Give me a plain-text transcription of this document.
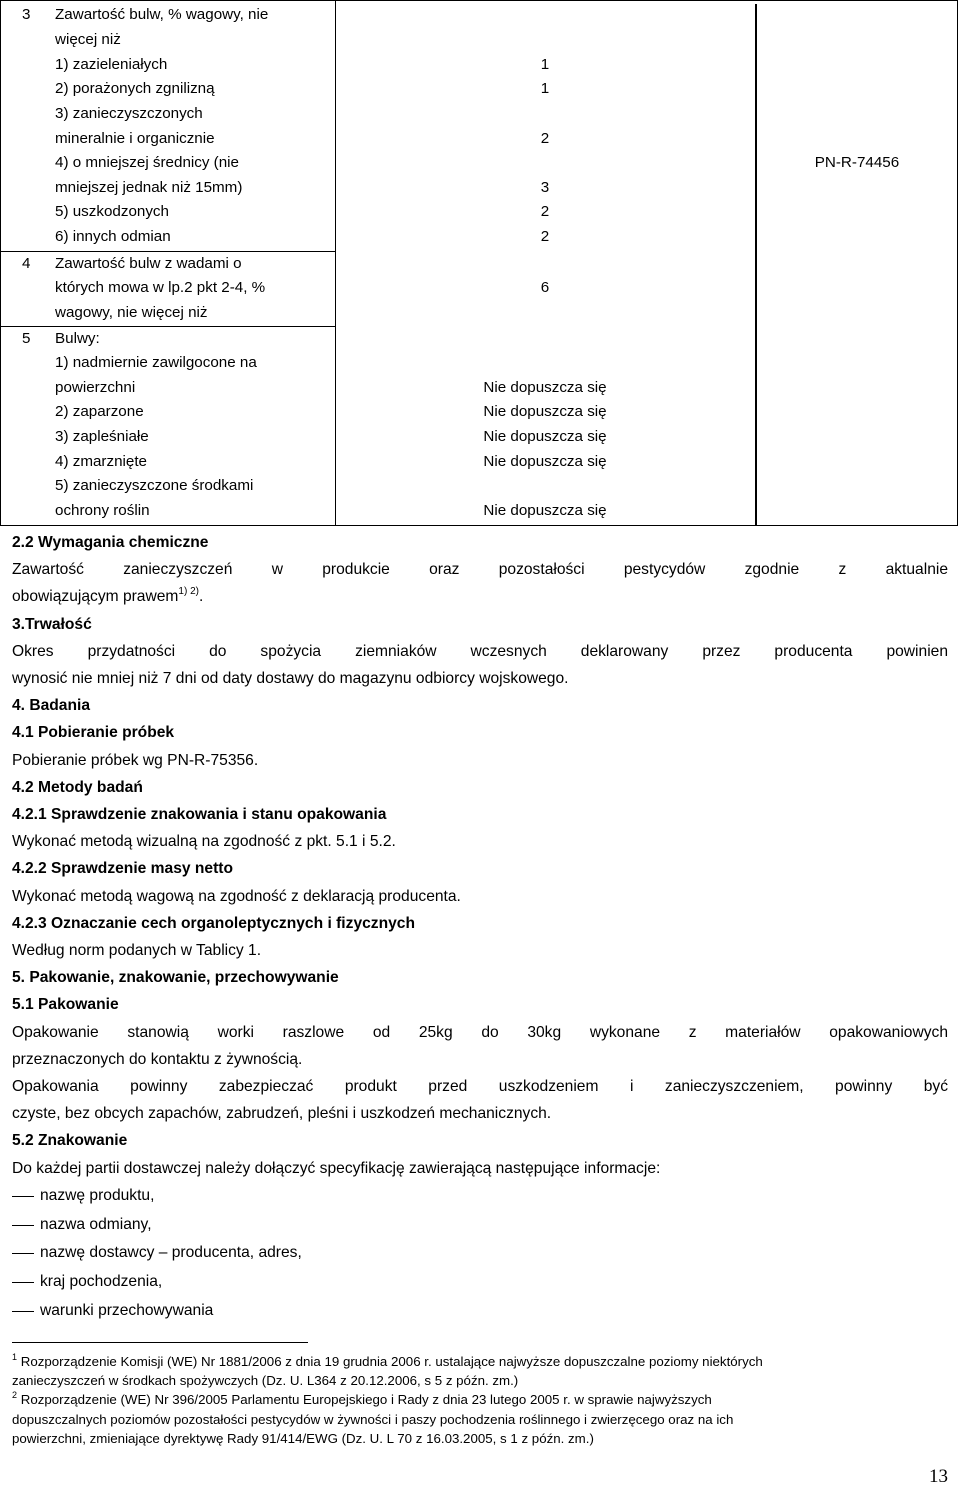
3 Zawartość bulw, % wagowy, nie
więcej niż
1) zazieleniałych
2) porażonych zgnilizną
3) zanieczyszczonych
mineralnie i organicznie
4) o mniejszej średnicy (nie
mniejszej jednak niż 15mm)
5) uszkodzonych
6) innych odmian
1
1
2
3
2
2
PN-R-74456
4 Zawartość bulw z wadami o
których mowa w lp.2 pkt 2-4, %
wagowy, nie więcej niż
6
5 Bulwy:
1) nadmiernie zawilgocone na
powierzchni
2) zaparzone
3) zapleśniałe
4) zmarznięte
5) zanieczyszczone środkami
ochrony roślin
Nie dopuszcza się
Nie dopuszcza się
Nie dopuszcza się
Nie dopuszcza się
Nie dopuszcza się

2.2 Wymagania chemiczne

Zawartość zanieczyszczeń w produkcie oraz pozostałości pestycydów zgodnie z aktualnie

obowiązującym prawem$^{1) 2)}$.

3.Trwałość

Okres przydatności do spożycia ziemniaków wczesnych deklarowany przez producenta powinien

wynosić nie mniej niż 7 dni od daty dostawy do magazynu odbiorcy wojskowego.

4. Badania

4.1 Pobieranie próbek

Pobieranie próbek wg PN-R-75356.

4.2 Metody badań

4.2.1 Sprawdzenie znakowania i stanu opakowania

Wykonać metodą wizualną na zgodność z pkt. 5.1 i 5.2.

4.2.2 Sprawdzenie masy netto

Wykonać metodą wagową na zgodność z deklaracją producenta.

4.2.3 Oznaczanie cech organoleptycznych i fizycznych

Według norm podanych w Tablicy 1.

5. Pakowanie, znakowanie, przechowywanie

5.1 Pakowanie

Opakowanie stanowią worki raszlowe od 25kg do 30kg wykonane z materiałów opakowaniowych

przeznaczonych do kontaktu z żywnością.

Opakowania powinny zabezpieczać produkt przed uszkodzeniem i zanieczyszczeniem, powinny być

czyste, bez obcych zapachów, zabrudzeń, pleśni i uszkodzeń mechanicznych.

5.2 Znakowanie

Do każdej partii dostawczej należy dołączyć specyfikację zawierającą następujące informacje:

nazwę produktu,
nazwa odmiany,
nazwę dostawcy – producenta, adres,
kraj pochodzenia,
warunki przechowywania

$^1$ Rozporządzenie Komisji (WE) Nr 1881/2006 z dnia 19 grudnia 2006 r. ustalające najwyższe dopuszczalne poziomy niektórych

zanieczyszczeń w środkach spożywczych (Dz. U. L364 z 20.12.2006, s 5 z późn. zm.)

$^2$ Rozporządzenie (WE) Nr 396/2005 Parlamentu Europejskiego i Rady z dnia 23 lutego 2005 r. w sprawie najwyższych

dopuszczalnych poziomów pozostałości pestycydów w żywności i paszy pochodzenia roślinnego i zwierzęcego oraz na ich

powierzchni, zmieniające dyrektywę Rady 91/414/EWG (Dz. U. L 70 z 16.03.2005, s 1 z późn. zm.)

13
